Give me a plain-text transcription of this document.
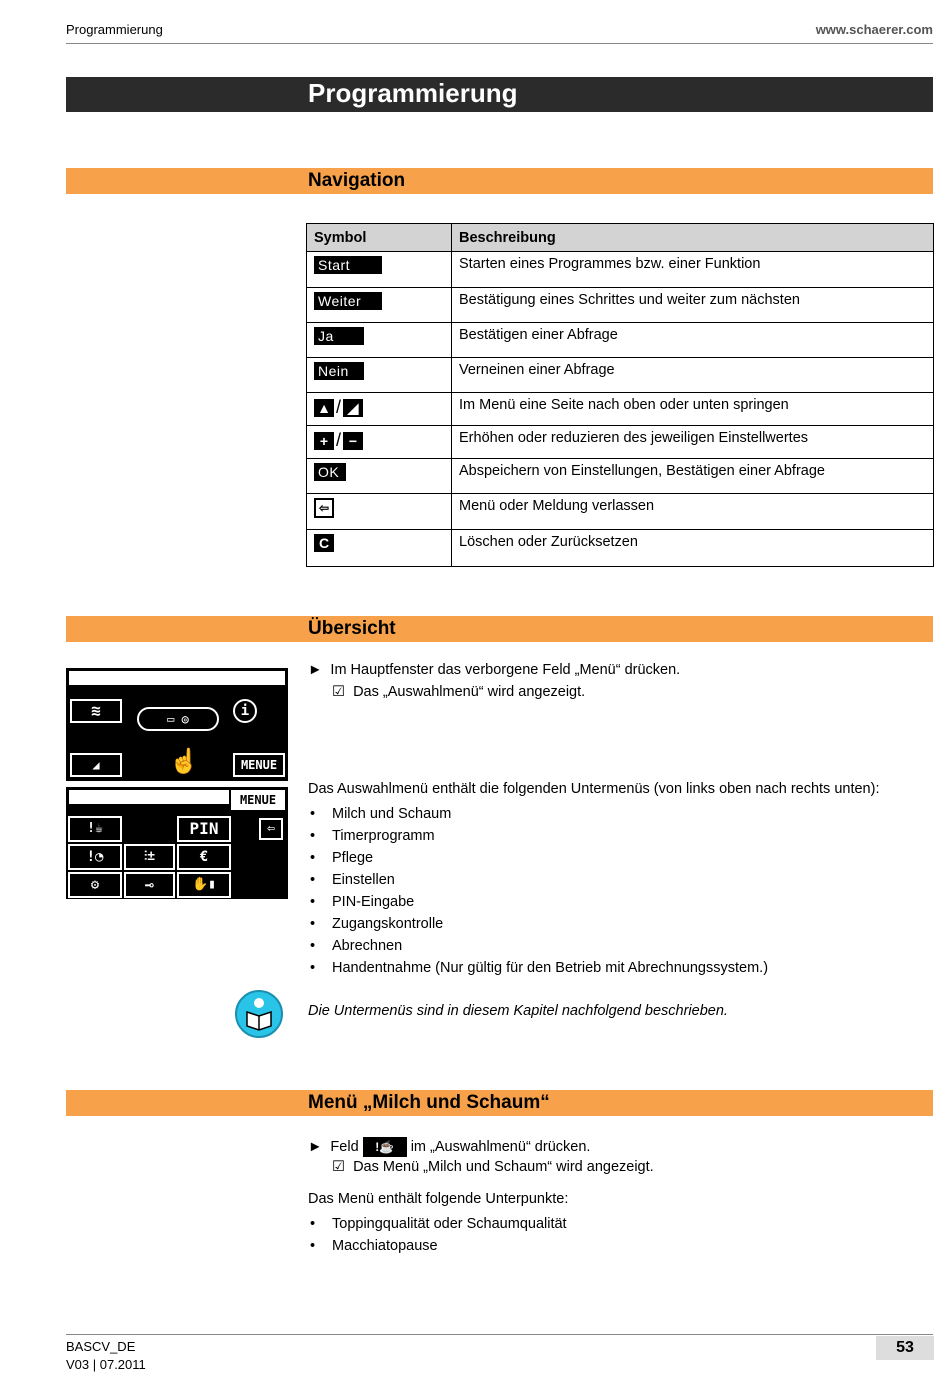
Programmierung	www.schaerer.com
Programmierung
Navigation
Symbol	Beschreibung
Start	Starten eines Programmes bzw. einer Funktion
Weiter	Bestätigung eines Schrittes und weiter zum nächsten
Ja	Bestätigen einer Abfrage
Nein	Verneinen einer Abfrage
▲ / ◢	Im Menü eine Seite nach oben oder unten springen
+ / −	Erhöhen oder reduzieren des jeweiligen Einstellwertes
OK	Abspeichern von Einstellungen, Bestätigen einer Abfrage
⇦	Menü oder Meldung verlassen
C	Löschen oder Zurücksetzen
Übersicht
≋	▭ ◎	i
◢	☝	MENUE
MENUE
!☕	PIN	⇦
!◔	⫶±	€
⚙	⊸	✋▮
► Im Hauptfenster das verborgene Feld „Menü“ drücken.
☑ Das „Auswahlmenü“ wird angezeigt.
Das Auswahlmenü enthält die folgenden Untermenüs (von links oben nach rechts unten):
• Milch und Schaum
• Timerprogramm
• Pflege
• Einstellen
• PIN-Eingabe
• Zugangskontrolle
• Abrechnen
• Handentnahme (Nur gültig für den Betrieb mit Abrechnungssystem.)
Die Untermenüs sind in diesem Kapitel nachfolgend beschrieben.
Menü „Milch und Schaum“
► Feld !☕ im „Auswahlmenü“ drücken.
☑ Das Menü „Milch und Schaum“ wird angezeigt.
Das Menü enthält folgende Unterpunkte:
• Toppingqualität oder Schaumqualität
• Macchiatopause
BASCV_DE
V03 | 07.2011
53
